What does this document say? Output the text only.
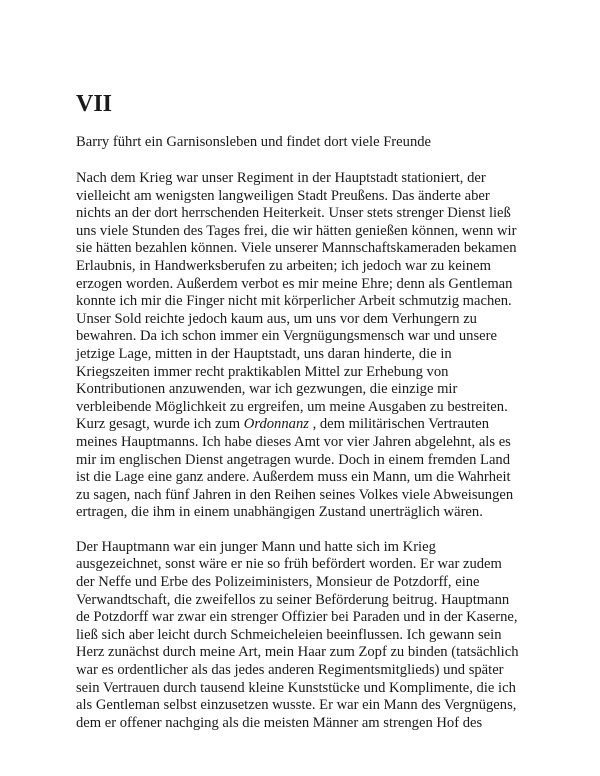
VII
Barry führt ein Garnisonsleben und findet dort viele Freunde
Nach dem Krieg war unser Regiment in der Hauptstadt stationiert, der
vielleicht am wenigsten langweiligen Stadt Preußens. Das änderte aber
nichts an der dort herrschenden Heiterkeit. Unser stets strenger Dienst ließ
uns viele Stunden des Tages frei, die wir hätten genießen können, wenn wir
sie hätten bezahlen können. Viele unserer Mannschaftskameraden bekamen
Erlaubnis, in Handwerksberufen zu arbeiten; ich jedoch war zu keinem
erzogen worden. Außerdem verbot es mir meine Ehre; denn als Gentleman
konnte ich mir die Finger nicht mit körperlicher Arbeit schmutzig machen.
Unser Sold reichte jedoch kaum aus, um uns vor dem Verhungern zu
bewahren. Da ich schon immer ein Vergnügungsmensch war und unsere
jetzige Lage, mitten in der Hauptstadt, uns daran hinderte, die in
Kriegszeiten immer recht praktikablen Mittel zur Erhebung von
Kontributionen anzuwenden, war ich gezwungen, die einzige mir
verbleibende Möglichkeit zu ergreifen, um meine Ausgaben zu bestreiten.
Kurz gesagt, wurde ich zum Ordonnanz , dem militärischen Vertrauten
meines Hauptmanns. Ich habe dieses Amt vor vier Jahren abgelehnt, als es
mir im englischen Dienst angetragen wurde. Doch in einem fremden Land
ist die Lage eine ganz andere. Außerdem muss ein Mann, um die Wahrheit
zu sagen, nach fünf Jahren in den Reihen seines Volkes viele Abweisungen
ertragen, die ihm in einem unabhängigen Zustand unerträglich wären.
Der Hauptmann war ein junger Mann und hatte sich im Krieg
ausgezeichnet, sonst wäre er nie so früh befördert worden. Er war zudem
der Neffe und Erbe des Polizeiministers, Monsieur de Potzdorff, eine
Verwandtschaft, die zweifellos zu seiner Beförderung beitrug. Hauptmann
de Potzdorff war zwar ein strenger Offizier bei Paraden und in der Kaserne,
ließ sich aber leicht durch Schmeicheleien beeinflussen. Ich gewann sein
Herz zunächst durch meine Art, mein Haar zum Zopf zu binden (tatsächlich
war es ordentlicher als das jedes anderen Regimentsmitglieds) und später
sein Vertrauen durch tausend kleine Kunststücke und Komplimente, die ich
als Gentleman selbst einzusetzen wusste. Er war ein Mann des Vergnügens,
dem er offener nachging als die meisten Männer am strengen Hof des
